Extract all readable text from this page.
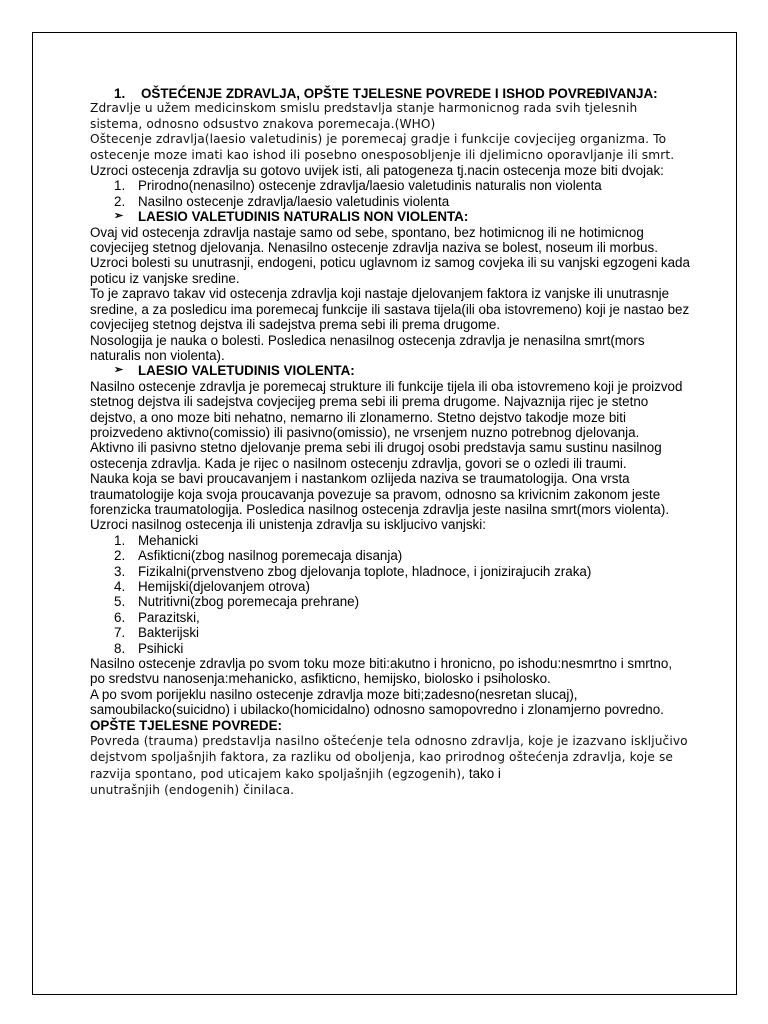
1.	OŠTEĆENJE ZDRAVLJA, OPŠTE TJELESNE POVREDE I ISHOD POVREĐIVANJA:

Zdravlje u užem medicinskom smislu predstavlja stanje harmonicnog rada svih tjelesnih sistema, odnosno odsustvo znakova poremecaja.(WHO)

Oštecenje zdravlja(laesio valetudinis) je poremecaj gradje i funkcije covjecijeg organizma. To ostecenje moze imati kao ishod ili posebno onesposobljenje ili djelimicno oporavljanje ili smrt.

Uzroci ostecenja zdravlja su gotovo uvijek isti, ali patogeneza tj.nacin ostecenja moze biti dvojak:

1. Prirodno(nenasilno) ostecenje zdravlja/laesio valetudinis naturalis non violenta
2. Nasilno ostecenje zdravlja/laesio valetudinis violenta
➢	LAESIO VALETUDINIS NATURALIS NON VIOLENTA:

Ovaj vid ostecenja zdravlja nastaje samo od sebe, spontano, bez hotimicnog ili ne hotimicnog covjecijeg stetnog djelovanja. Nenasilno ostecenje zdravlja naziva se bolest, noseum ili morbus. Uzroci bolesti su unutrasnji, endogeni, poticu uglavnom iz samog covjeka ili su vanjski egzogeni kada poticu iz vanjske sredine.

To je zapravo takav vid ostecenja zdravlja koji nastaje djelovanjem faktora iz vanjske ili unutrasnje sredine, a za posledicu ima poremecaj funkcije ili sastava tijela(ili oba istovremeno) koji je nastao bez covjecijeg stetnog dejstva ili sadejstva prema sebi ili prema drugome.

Nosologija je nauka o bolesti. Posledica nenasilnog ostecenja zdravlja je nenasilna smrt(mors naturalis non violenta).

➢	LAESIO VALETUDINIS VIOLENTA:

Nasilno ostecenje zdravlja je poremecaj strukture ili funkcije tijela ili oba istovremeno koji je proizvod stetnog dejstva ili sadejstva covjecijeg prema sebi ili prema drugome. Najvaznija rijec je stetno dejstvo, a ono moze biti nehatno, nemarno ili zlonamerno. Stetno dejstvo takodje moze biti proizvedeno aktivno(comissio) ili pasivno(omissio), ne vrsenjem nuzno potrebnog djelovanja.

Aktivno ili pasivno stetno djelovanje prema sebi ili drugoj osobi predstavja samu sustinu nasilnog ostecenja zdravlja. Kada je rijec o nasilnom ostecenju zdravlja, govori se o ozledi ili traumi.

Nauka koja se bavi proucavanjem i nastankom ozlijeda naziva se traumatologija. Ona vrsta traumatologije koja svoja proucavanja povezuje sa pravom, odnosno sa krivicnim zakonom jeste forenzicka traumatologija. Posledica nasilnog ostecenja zdravlja jeste nasilna smrt(mors violenta).

Uzroci nasilnog ostecenja ili unistenja zdravlja su iskljucivo vanjski:

1. Mehanicki
2. Asfikticni(zbog nasilnog poremecaja disanja)
3. Fizikalni(prvenstveno zbog djelovanja toplote, hladnoce, i jonizirajucih zraka)
4. Hemijski(djelovanjem otrova)
5. Nutritivni(zbog poremecaja prehrane)
6. Parazitski,
7. Bakterijski
8. Psihicki

Nasilno ostecenje zdravlja po svom toku moze biti:akutno i hronicno, po ishodu:nesmrtno i smrtno, po sredstvu nanosenja:mehanicko, asfikticno, hemijsko, biolosko i psiholosko.

A po svom porijeklu nasilno ostecenje zdravlja moze biti;zadesno(nesretan slucaj), samoubilacko(suicidno) i ubilacko(homicidalno) odnosno samopovredno i zlonamjerno povredno.

OPŠTE TJELESNE POVREDE:

Povreda (trauma) predstavlja nasilno oštećenje tela odnosno zdravlja, koje je izazvano isključivo dejstvom spoljašnjih faktora, za razliku od oboljenja, kao prirodnog oštećenja zdravlja, koje se razvija spontano, pod uticajem kako spoljašnjih (egzogenih), tako i
unutrašnjih (endogenih) činilaca.
